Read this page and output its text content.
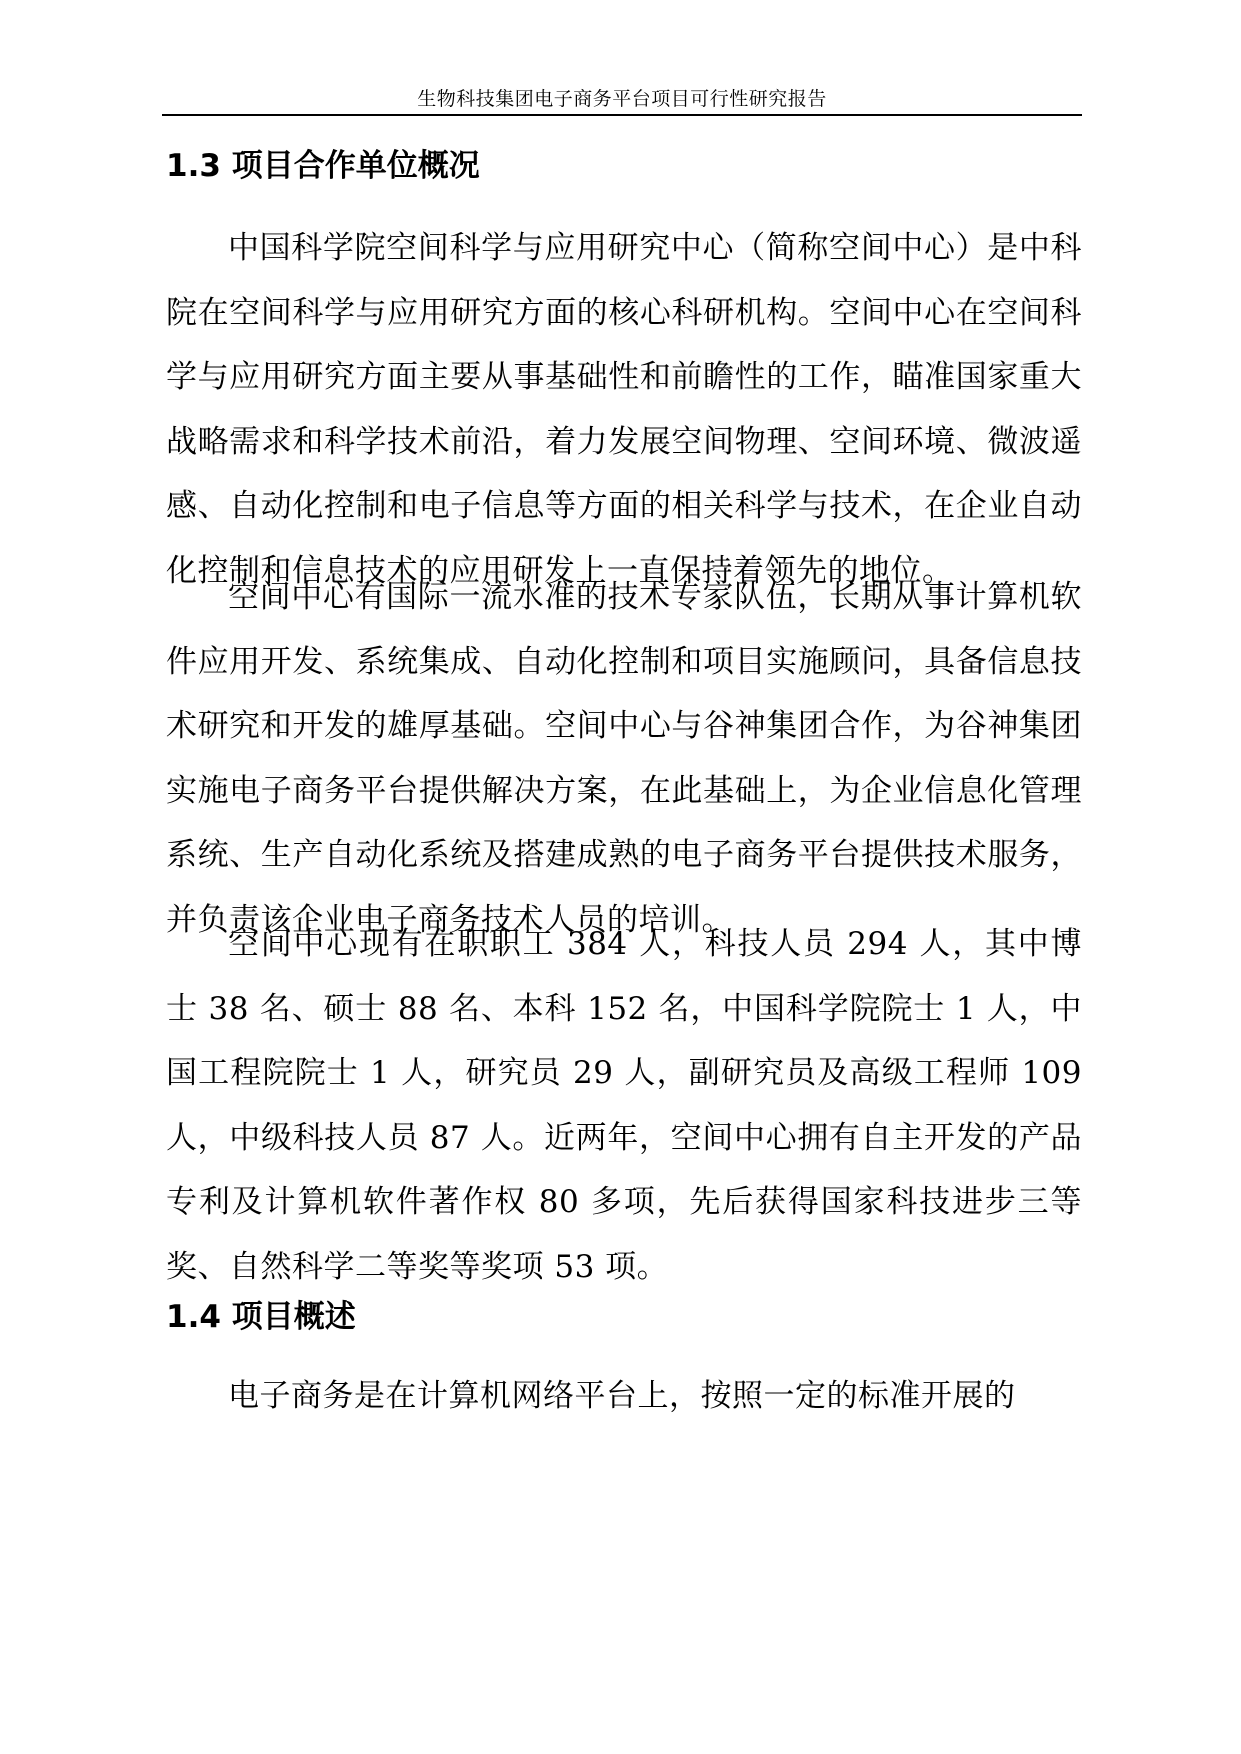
生物科技集团电子商务平台项目可行性研究报告
1.3 项目合作单位概况

中国科学院空间科学与应用研究中心（简称空间中心）是中科院在空间科学与应用研究方面的核心科研机构。空间中心在空间科学与应用研究方面主要从事基础性和前瞻性的工作，瞄准国家重大战略需求和科学技术前沿，着力发展空间物理、空间环境、微波遥感、自动化控制和电子信息等方面的相关科学与技术，在企业自动化控制和信息技术的应用研发上一直保持着领先的地位。

空间中心有国际一流水准的技术专家队伍，长期从事计算机软件应用开发、系统集成、自动化控制和项目实施顾问，具备信息技术研究和开发的雄厚基础。空间中心与谷神集团合作，为谷神集团实施电子商务平台提供解决方案，在此基础上，为企业信息化管理系统、生产自动化系统及搭建成熟的电子商务平台提供技术服务，并负责该企业电子商务技术人员的培训。

空间中心现有在职职工 384 人，科技人员 294 人，其中博士 38 名、硕士 88 名、本科 152 名，中国科学院院士 1 人，中国工程院院士 1 人，研究员 29 人，副研究员及高级工程师 109 人，中级科技人员 87 人。近两年，空间中心拥有自主开发的产品专利及计算机软件著作权 80 多项，先后获得国家科技进步三等奖、自然科学二等奖等奖项 53 项。

1.4 项目概述

电子商务是在计算机网络平台上，按照一定的标准开展的
